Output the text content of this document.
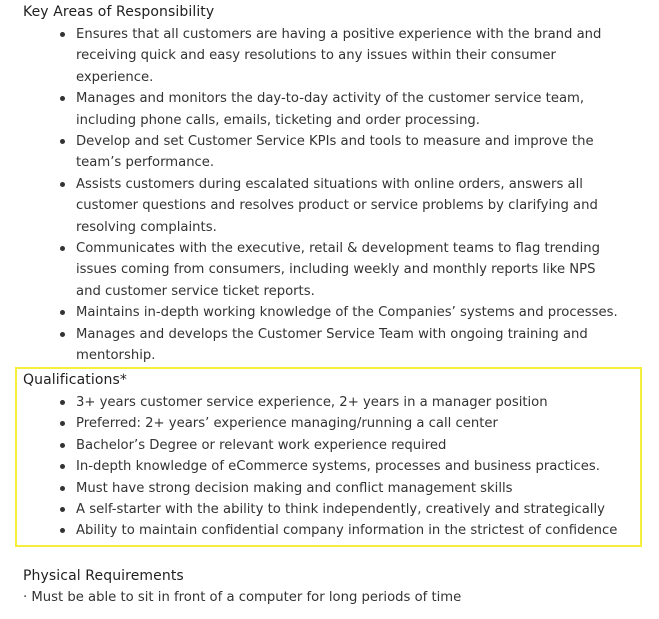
Key Areas of Responsibility
Ensures that all customers are having a positive experience with the brand and
receiving quick and easy resolutions to any issues within their consumer
experience.
Manages and monitors the day-to-day activity of the customer service team,
including phone calls, emails, ticketing and order processing.
Develop and set Customer Service KPIs and tools to measure and improve the
team’s performance.
Assists customers during escalated situations with online orders, answers all
customer questions and resolves product or service problems by clarifying and
resolving complaints.
Communicates with the executive, retail & development teams to flag trending
issues coming from consumers, including weekly and monthly reports like NPS
and customer service ticket reports.
Maintains in-depth working knowledge of the Companies’ systems and processes.
Manages and develops the Customer Service Team with ongoing training and
mentorship.
Qualifications*
3+ years customer service experience, 2+ years in a manager position
Preferred: 2+ years’ experience managing/running a call center
Bachelor’s Degree or relevant work experience required
In-depth knowledge of eCommerce systems, processes and business practices.
Must have strong decision making and conflict management skills
A self-starter with the ability to think independently, creatively and strategically
Ability to maintain confidential company information in the strictest of confidence
Physical Requirements
· Must be able to sit in front of a computer for long periods of time
